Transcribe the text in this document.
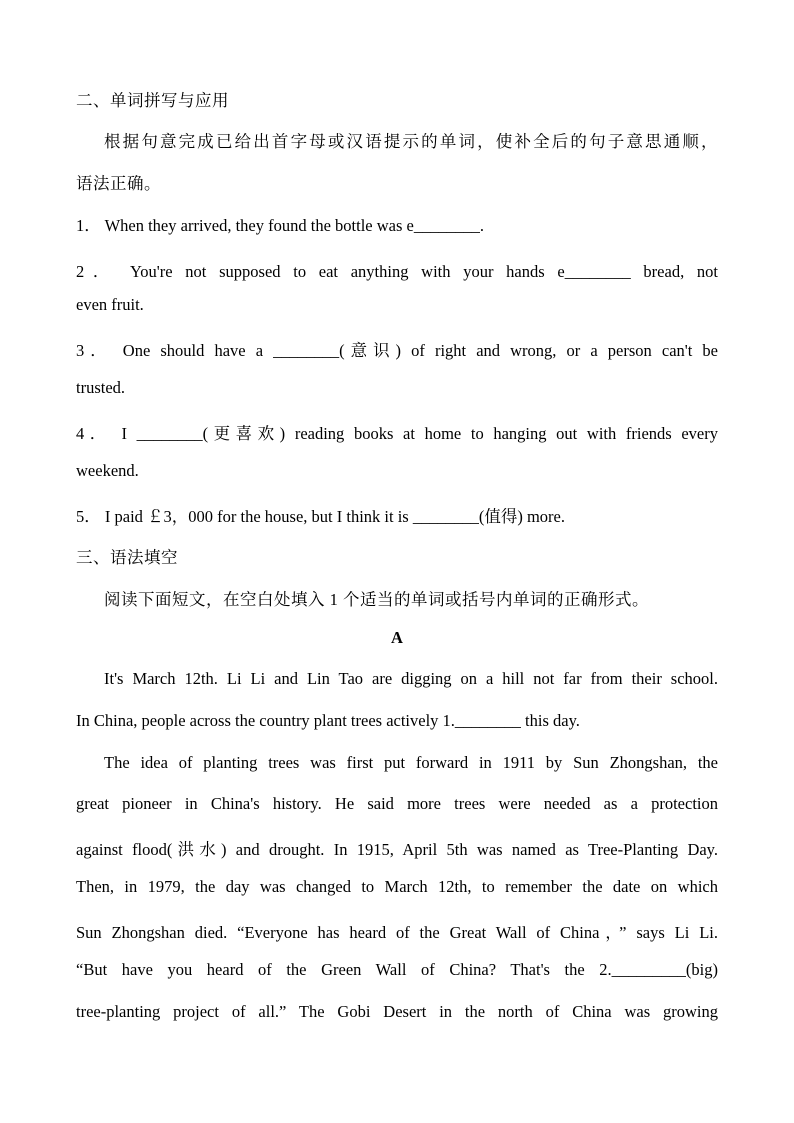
二、单词拼写与应用
根据句意完成已给出首字母或汉语提示的单词，使补全后的句子意思通顺，
语法正确。
1． When they arrived, they found the bottle was e________.
2． You're not supposed to eat anything with your hands e________ bread, not
even fruit.
3． One should have a ________(意识) of right and wrong, or a person can't be
trusted.
4． I ________(更喜欢) reading books at home to hanging out with friends every
weekend.
5． I paid ￡3，000 for the house, but I think it is ________(值得) more.
三、语法填空
阅读下面短文，在空白处填入 1 个适当的单词或括号内单词的正确形式。
A
It's March 12th. Li Li and Lin Tao are digging on a hill not far from their school.
In China, people across the country plant trees actively 1.________ this day.
The idea of planting trees was first put forward in 1911 by Sun Zhongshan, the
great pioneer in China's history. He said more trees were needed as a protection
against flood(洪水) and drought. In 1915, April 5th was named as Tree-Planting Day.
Then, in 1979, the day was changed to March 12th, to remember the date on which
Sun Zhongshan died. “Everyone has heard of the Great Wall of China，” says Li Li.
“But have you heard of the Green Wall of China? That's the 2._________(big)
tree-planting project of all.” The Gobi Desert in the north of China was growing
